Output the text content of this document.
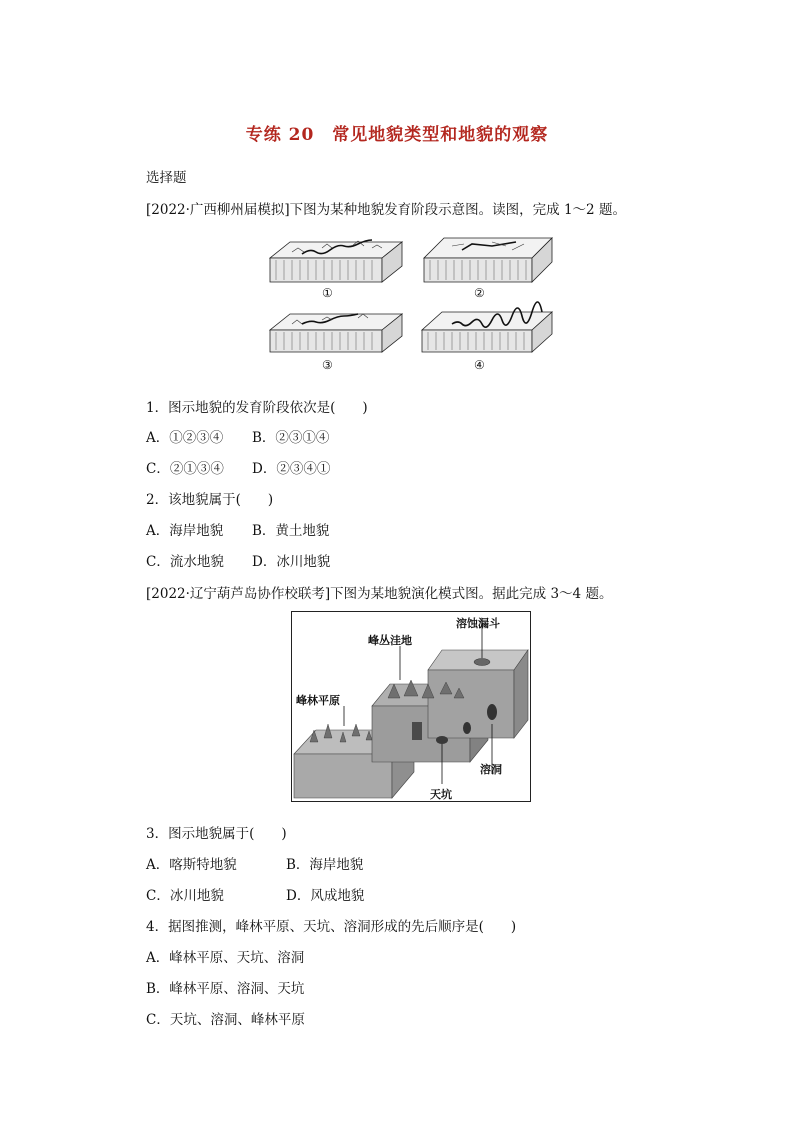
专练 20　常见地貌类型和地貌的观察
选择题
[2022·广西柳州届模拟]下图为某种地貌发育阶段示意图。读图，完成 1～2 题。
①	②
③	④
1．图示地貌的发育阶段依次是(　　)
A．①②③④ B．②③①④
C．②①③④ D．②③④①
2．该地貌属于(　　)
A．海岸地貌 B．黄土地貌
C．流水地貌 D．冰川地貌
[2022·辽宁葫芦岛协作校联考]下图为某地貌演化模式图。据此完成 3～4 题。
峰丛洼地
溶蚀漏斗
峰林平原
溶洞
天坑
3．图示地貌属于(　　)
A．喀斯特地貌	B．海岸地貌
C．冰川地貌	D．风成地貌
4．据图推测，峰林平原、天坑、溶洞形成的先后顺序是(　　)
A．峰林平原、天坑、溶洞
B．峰林平原、溶洞、天坑
C．天坑、溶洞、峰林平原
